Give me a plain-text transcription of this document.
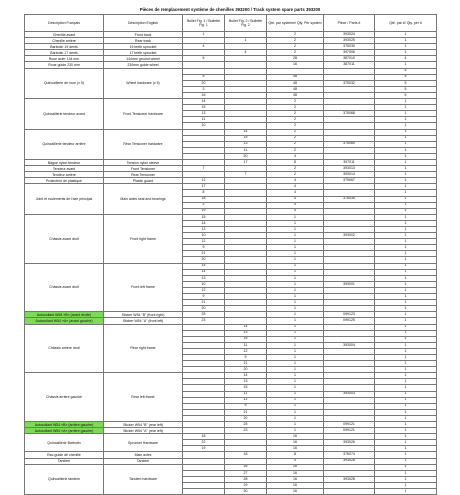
Pièces de remplacement système de chenilles 393200 / Track system spare parts 393200
Description Français	Description English	Bullet Fig. 1 / Bullette Fig. 1	Bullet Fig. 2 / Bullette Fig. 2	Qté. par système/ Qty. Per system	Pièce / Parts #	Qté. par #/ Qty. per #
Chenille avant	Front track	1		2	393024	1
Chenille arrière	Rear track		1	2	393025	1
Barbotin 19 dents	19 teeth sprocket	4		2	375030	1
Barbotin 17 dents	17 teeth sprocket		4	2	397006	1
Roue acier 144 mm	144mm ground wheel	5		28	387010	4
Roue guide 230 mm	230mm guide wheel			16	387011	1
Quincaillerie de roue (x 5)	Wheel hardware (x 5)					5
		5		48		5
		20		48	375032	5
		3		48		5
		16		48		5
Quincaillerie tendeur avant	Front Tensioner hardware	14		2		1
		15		2		1
		13		2	375068	1
		11		2		1
		10		2		1
Quincaillerie tendeur arrière	Rear Tensioner hardware		14	2		1
			15	2		1
			13	2	375069	1
			11	2		1
			20	4		1
Bague nylon tendeur	Tension nylon sleeve		17	8	397011	1
Tendeur avant	Front Tensioner	7		2	393013	1
Tendeur arrière	Rear Tensioner		7	2	393014	1
Protecteur de plastique	Plastic guard	12		4	375067	1
Joint et roulements de l'axe principal	Main axles seal and bearings	17		4		1
		8		4		1
		18		4	375035	1
		2		4		1
		19		4		1
Châssis avant droit	Front right frame	15		1		1
		14		1		1
		13		1		1
		10		1	393002	1
		12		1		1
		9		1		1
		21		1		1
		20		1		1
Châssis avant droit	Front left frame	15		1		1
		14		1		1
		13		1		1
		10		1	393001	1
		12		1		1
		9		1		1
		21		1		1
		20		1		1
Autocollant W54 «B» (avant droite)	Sticker W54 "B" (front right)	25		1	099123	1
Autocollant W54 «A» (avant gauche)	Sticker W54 "A" (front left)	23		1	099125	1
Châssis arrière droit	Rear right frame		14	1		1
			13	1		1
			15	1		1
			11	1	393004	1
			12	1		1
			9	1		1
			21	1		1
			20	1		1
Châssis arrière gauche	Rear left frame		14	1		1
			13	1		1
			15	1		1
			11	1	393003	1
			12	1		1
			9	1		1
			21	1		1
			20	1		1
Autocollant W54 «B» (arrière gauche)	Sticker W54 "B" (rear left)		25	1	099121	1
Autocollant W54 «A» (arrière gauche)	Sticker W54 "A" (rear left)		23	1	099121	1
Quincaillerie Barbotin	Sprocket Hardware	18		16		1
		22		16	393026	1
		19		16		1
Rav-guide de chenille	Main axles		18	8	375074	1
Tandem	Tandem			4	393028	1
Quincaillerie tandem	Tandem hardware		26	16		1
			27	16		1
			28	16	393028	1
			29	16		1
			30	16		1
